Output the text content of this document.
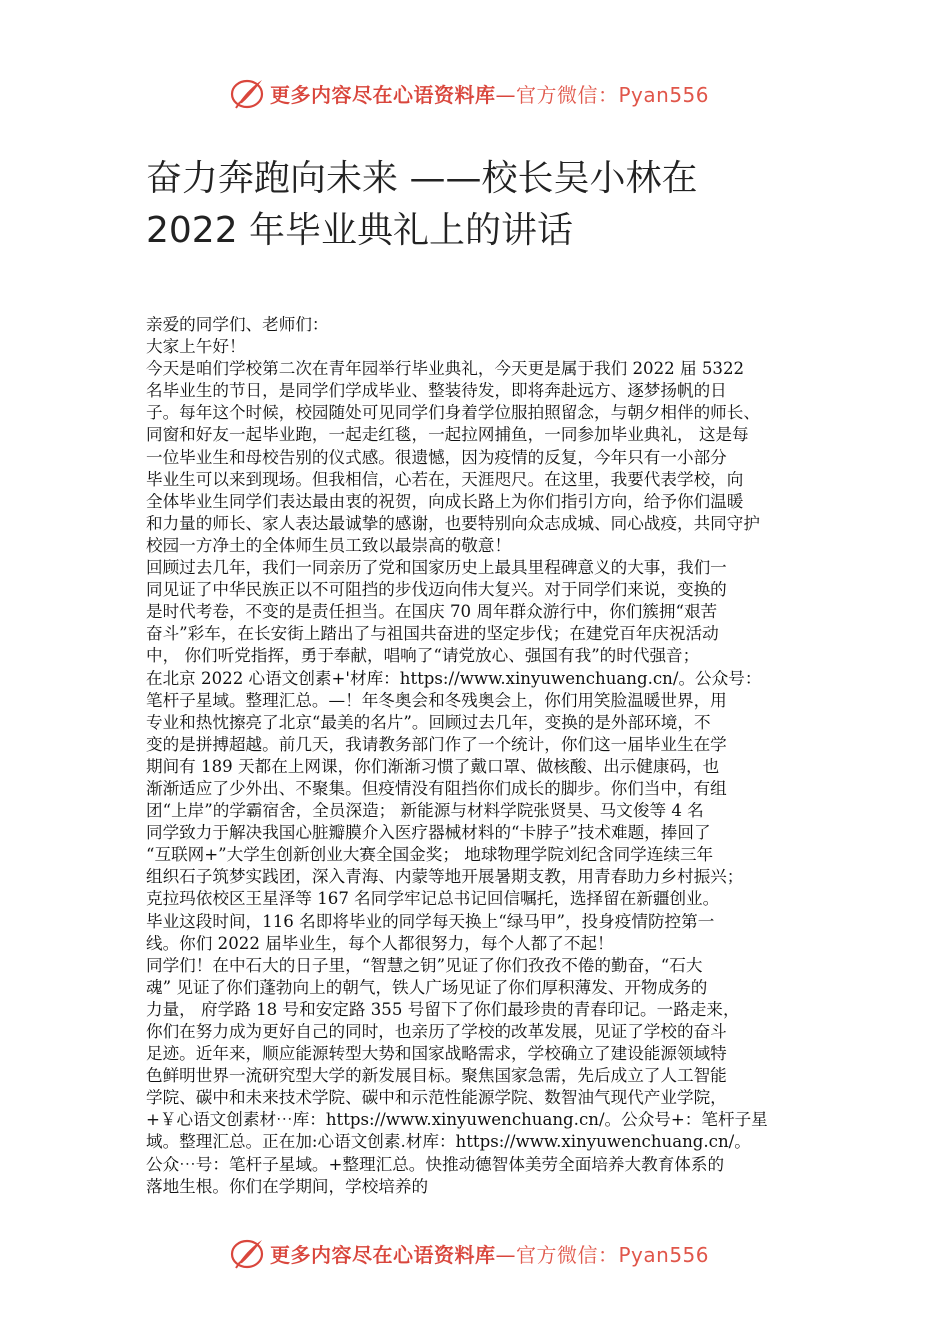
更多内容尽在心语资料库—官方微信：Pyan556
奋力奔跑向未来 ——校长吴小林在
2022 年毕业典礼上的讲话
亲爱的同学们、老师们：
大家上午好！
今天是咱们学校第二次在青年园举行毕业典礼，今天更是属于我们 2022 届 5322
名毕业生的节日，是同学们学成毕业、整装待发，即将奔赴远方、逐梦扬帆的日
子。每年这个时候，校园随处可见同学们身着学位服拍照留念，与朝夕相伴的师长、
同窗和好友一起毕业跑，一起走红毯，一起拉网捕鱼，一同参加毕业典礼， 这是每
一位毕业生和母校告别的仪式感。很遗憾，因为疫情的反复，今年只有一小部分
毕业生可以来到现场。但我相信，心若在，天涯咫尺。在这里，我要代表学校，向
全体毕业生同学们表达最由衷的祝贺，向成长路上为你们指引方向，给予你们温暖
和力量的师长、家人表达最诚挚的感谢，也要特别向众志成城、同心战疫，共同守护
校园一方净土的全体师生员工致以最崇高的敬意！
回顾过去几年，我们一同亲历了党和国家历史上最具里程碑意义的大事，我们一
同见证了中华民族正以不可阻挡的步伐迈向伟大复兴。对于同学们来说，变换的
是时代考卷，不变的是责任担当。在国庆 70 周年群众游行中，你们簇拥“艰苦
奋斗”彩车，在长安街上踏出了与祖国共奋进的坚定步伐；在建党百年庆祝活动
中， 你们听党指挥，勇于奉献，唱响了“请党放心、强国有我”的时代强音；
在北京 2022 心语文创素+'材库：https://www.xinyuwenchuang.cn/。公众号：
笔杆子星域。整理汇总。—！年冬奥会和冬残奥会上，你们用笑脸温暖世界，用
专业和热忱擦亮了北京“最美的名片”。回顾过去几年，变换的是外部环境，不
变的是拼搏超越。前几天，我请教务部门作了一个统计，你们这一届毕业生在学
期间有 189 天都在上网课，你们渐渐习惯了戴口罩、做核酸、出示健康码，也
渐渐适应了少外出、不聚集。但疫情没有阻挡你们成长的脚步。你们当中，有组
团“上岸”的学霸宿舍，全员深造； 新能源与材料学院张贤昊、马文俊等 4 名
同学致力于解决我国心脏瓣膜介入医疗器械材料的“卡脖子”技术难题，捧回了
“互联网+”大学生创新创业大赛全国金奖； 地球物理学院刘纪含同学连续三年
组织石子筑梦实践团，深入青海、内蒙等地开展暑期支教，用青春助力乡村振兴；
克拉玛依校区王星泽等 167 名同学牢记总书记回信嘱托，选择留在新疆创业。
毕业这段时间，116 名即将毕业的同学每天换上“绿马甲”，投身疫情防控第一
线。你们 2022 届毕业生，每个人都很努力，每个人都了不起！
同学们！在中石大的日子里，“智慧之钥”见证了你们孜孜不倦的勤奋，“石大
魂” 见证了你们蓬勃向上的朝气，铁人广场见证了你们厚积薄发、开物成务的
力量， 府学路 18 号和安定路 355 号留下了你们最珍贵的青春印记。一路走来，
你们在努力成为更好自己的同时，也亲历了学校的改革发展，见证了学校的奋斗
足迹。近年来，顺应能源转型大势和国家战略需求，学校确立了建设能源领域特
色鲜明世界一流研究型大学的新发展目标。聚焦国家急需，先后成立了人工智能
学院、碳中和未来技术学院、碳中和示范性能源学院、数智油气现代产业学院，
+￥心语文创素材⋯库：https://www.xinyuwenchuang.cn/。公众号+：笔杆子星
域。整理汇总。正在加:心语文创素.材库：https://www.xinyuwenchuang.cn/。
公众⋯号：笔杆子星域。+整理汇总。快推动德智体美劳全面培养大教育体系的
落地生根。你们在学期间，学校培养的
更多内容尽在心语资料库—官方微信：Pyan556
